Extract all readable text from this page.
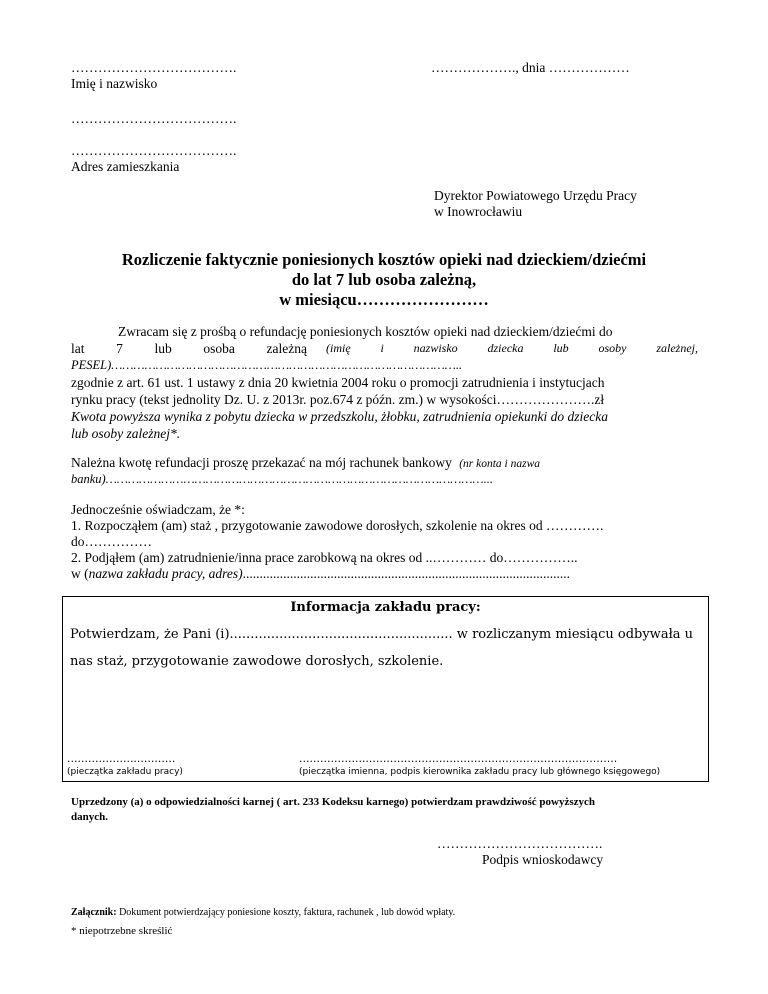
……………………………….
Imię i nazwisko
……………………………….
……………………………….
Adres zamieszkania
………………., dnia ………………
Dyrektor Powiatowego Urzędu Pracy
w Inowrocławiu
Rozliczenie faktycznie poniesionych kosztów opieki nad dzieckiem/dziećmi
do lat 7 lub osoba zależną,
w miesiącu……………………
Zwracam się z prośbą o refundację poniesionych kosztów opieki nad dzieckiem/dziećmi do
lat 7 lub osoba zależną (imię i nazwisko dziecka lub osoby zależnej,
PESEL)…………………………………………………………………………………..
zgodnie z art. 61 ust. 1 ustawy z dnia 20 kwietnia 2004 roku o promocji zatrudnienia i instytucjach
rynku pracy (tekst jednolity Dz. U. z 2013r. poz.674 z późn. zm.) w wysokości………………….zł
Kwota powyższa wynika z pobytu dziecka w przedszkolu, żłobku, zatrudnienia opiekunki do dziecka
lub osoby zależnej*.
Należna kwotę refundacji proszę przekazać na mój rachunek bankowy (nr konta i nazwa
banku)…………………………………………………………………………………………...
Jednocześnie oświadczam, że *:
1. Rozpocząłem (am) staż , przygotowanie zawodowe dorosłych, szkolenie na okres od ………….
do……………
2. Podjąłem (am) zatrudnienie/inna prace zarobkową na okres od ..………… do……………..
w (nazwa zakładu pracy, adres).................................................................................................
Informacja zakładu pracy:
Potwierdzam, że Pani (i)...................................................... w rozliczanym miesiącu odbywała u
nas staż, przygotowanie zawodowe dorosłych, szkolenie.
...............................
(pieczątka zakładu pracy)
...........................................................................................
(pieczątka imienna, podpis kierownika zakładu pracy lub głównego księgowego)
Uprzedzony (a) o odpowiedzialności karnej ( art. 233 Kodeksu karnego) potwierdzam prawdziwość powyższych
danych.
……………………………….
Podpis wnioskodawcy
Załącznik: Dokument potwierdzający poniesione koszty, faktura, rachunek , lub dowód wpłaty.
* niepotrzebne skreślić
